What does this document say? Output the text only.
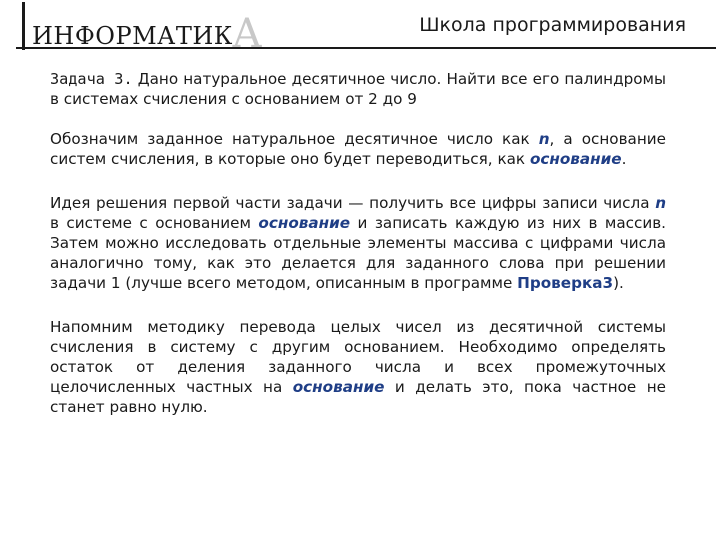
ИНФОРМАТИКА	Школа программирования

Задача 3. Дано натуральное десятичное число. Найти все его палиндромы в системах счисления с основанием от 2 до 9

Обозначим заданное натуральное десятичное число как n, а основание систем счисления, в которые оно будет переводиться, как основание.

Идея решения первой части задачи — получить все цифры записи числа n в системе с основанием основание и записать каждую из них в массив. Затем можно исследовать отдельные элементы массива с цифрами числа аналогично тому, как это делается для заданного слова при решении задачи 1 (лучше всего методом, описанным в программе Проверка3).

Напомним методику перевода целых чисел из десятичной системы счисления в систему с другим основанием. Необходимо определять остаток от деления заданного числа и всех промежуточных целочисленных частных на основание и делать это, пока частное не станет равно нулю.
